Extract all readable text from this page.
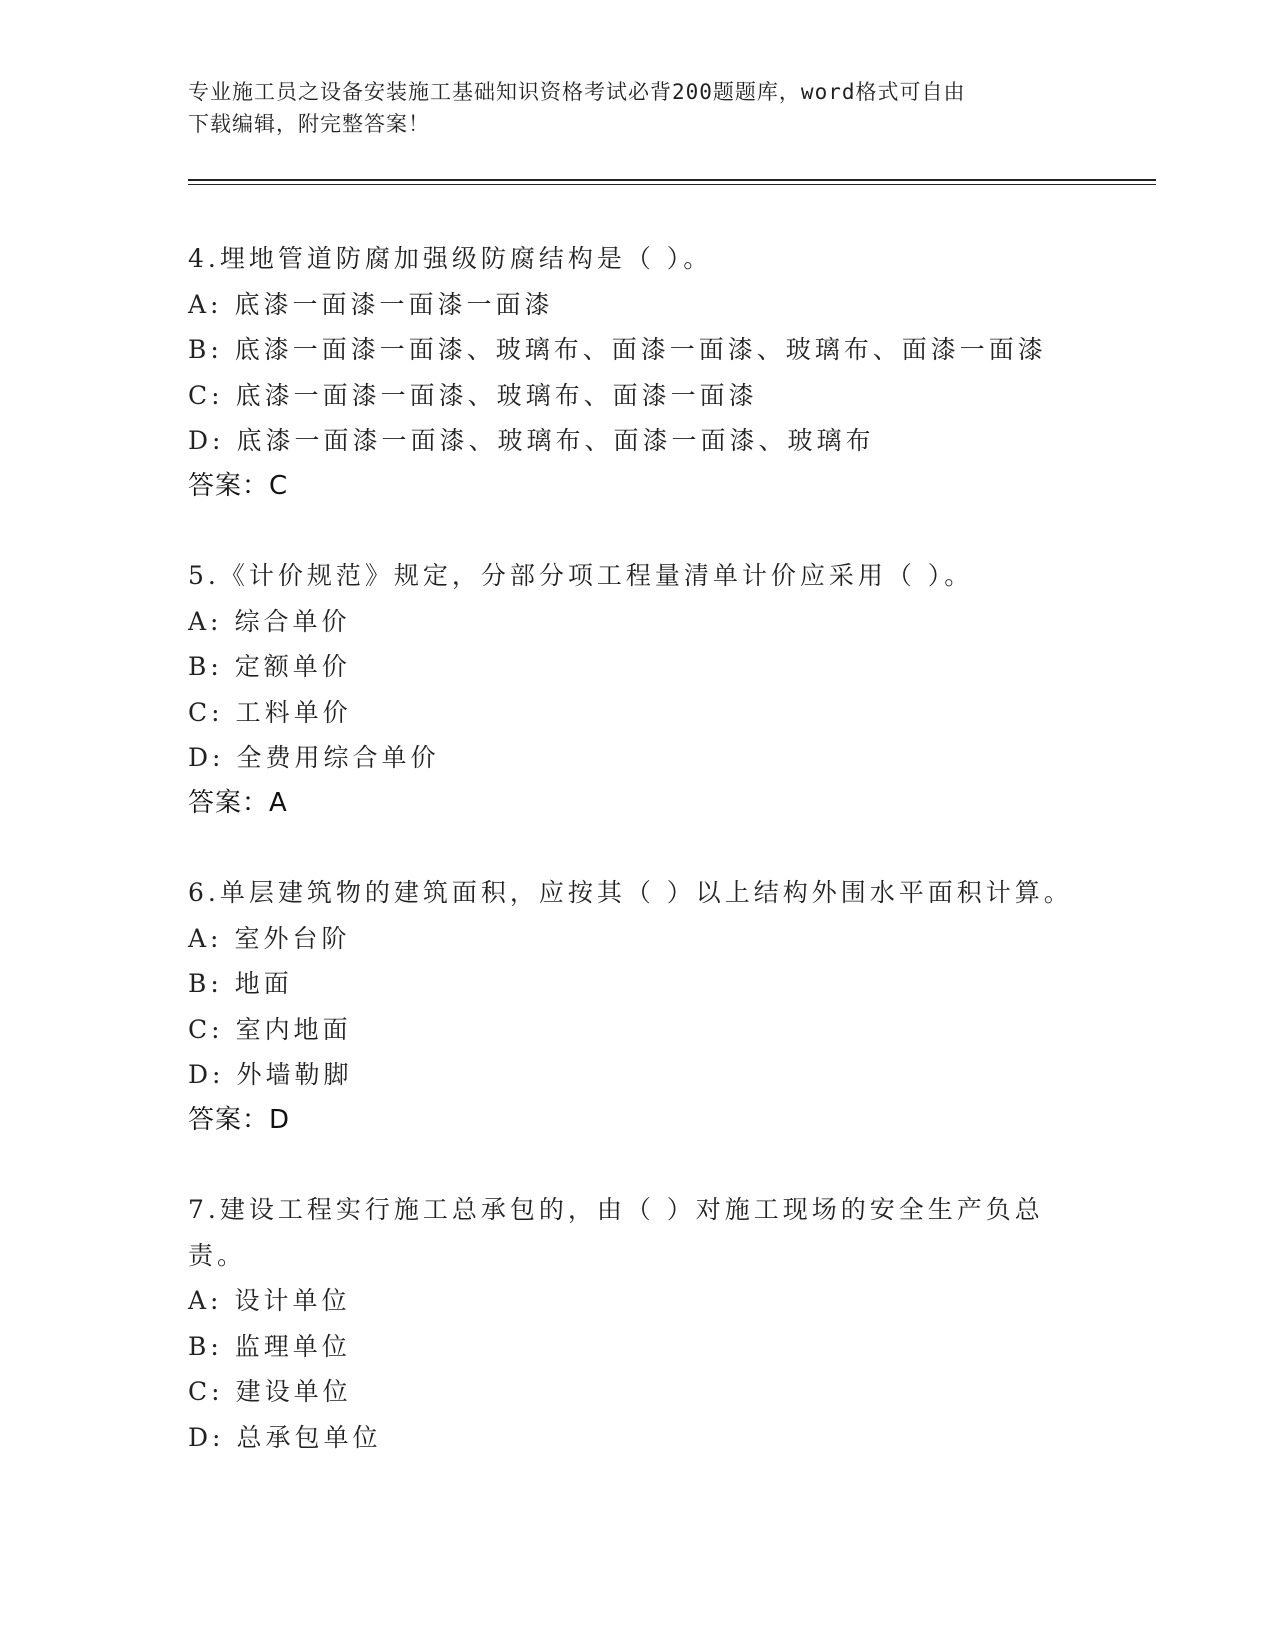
专业施工员之设备安装施工基础知识资格考试必背200题题库，word格式可自由
下载编辑，附完整答案！
4.埋地管道防腐加强级防腐结构是（ ）。
A: 底漆一面漆一面漆一面漆
B: 底漆一面漆一面漆、玻璃布、面漆一面漆、玻璃布、面漆一面漆
C: 底漆一面漆一面漆、玻璃布、面漆一面漆
D: 底漆一面漆一面漆、玻璃布、面漆一面漆、玻璃布
答案：C
5.《计价规范》规定，分部分项工程量清单计价应采用（ ）。
A: 综合单价
B: 定额单价
C: 工料单价
D: 全费用综合单价
答案：A
6.单层建筑物的建筑面积，应按其（ ）以上结构外围水平面积计算。
A: 室外台阶
B: 地面
C: 室内地面
D: 外墙勒脚
答案：D
7.建设工程实行施工总承包的，由（ ）对施工现场的安全生产负总责。
A: 设计单位
B: 监理单位
C: 建设单位
D: 总承包单位
